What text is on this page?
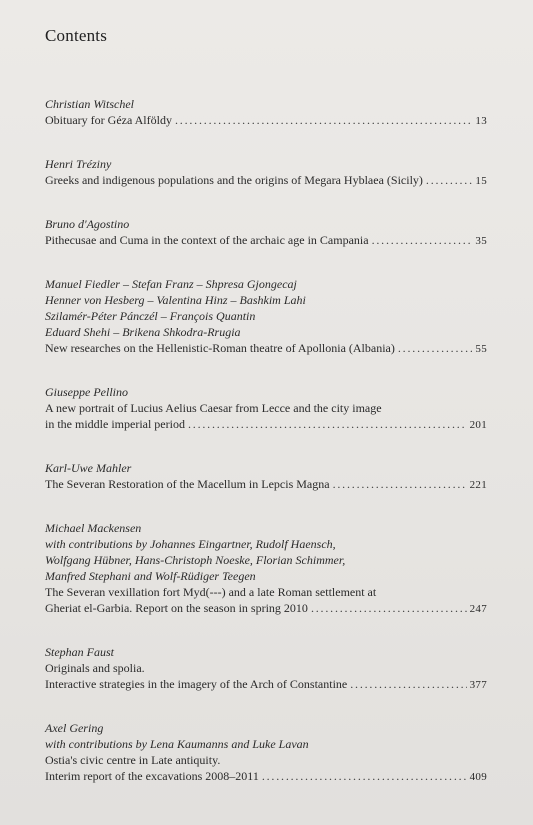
Contents
Christian Witschel
Obituary for Géza Alföldy . . .	13
Henri Tréziny
Greeks and indigenous populations and the origins of Megara Hyblaea (Sicily) . . .	15
Bruno d'Agostino
Pithecusae and Cuma in the context of the archaic age in Campania . . .	35
Manuel Fiedler – Stefan Franz – Shpresa Gjongecaj
Henner von Hesberg – Valentina Hinz – Bashkim Lahi
Szilamér-Péter Pánczél – François Quantin
Eduard Shehi – Brikena Shkodra-Rrugia
New researches on the Hellenistic-Roman theatre of Apollonia (Albania) . . .	55
Giuseppe Pellino
A new portrait of Lucius Aelius Caesar from Lecce and the city image
in the middle imperial period . . .	201
Karl-Uwe Mahler
The Severan Restoration of the Macellum in Lepcis Magna . . .	221
Michael Mackensen
with contributions by Johannes Eingartner, Rudolf Haensch,
Wolfgang Hübner, Hans-Christoph Noeske, Florian Schimmer,
Manfred Stephani and Wolf-Rüdiger Teegen
The Severan vexillation fort Myd(---) and a late Roman settlement at
Gheriat el-Garbia. Report on the season in spring 2010 . . .	247
Stephan Faust
Originals and spolia.
Interactive strategies in the imagery of the Arch of Constantine . . .	377
Axel Gering
with contributions by Lena Kaumanns and Luke Lavan
Ostia's civic centre in Late antiquity.
Interim report of the excavations 2008–2011 . . .	409
